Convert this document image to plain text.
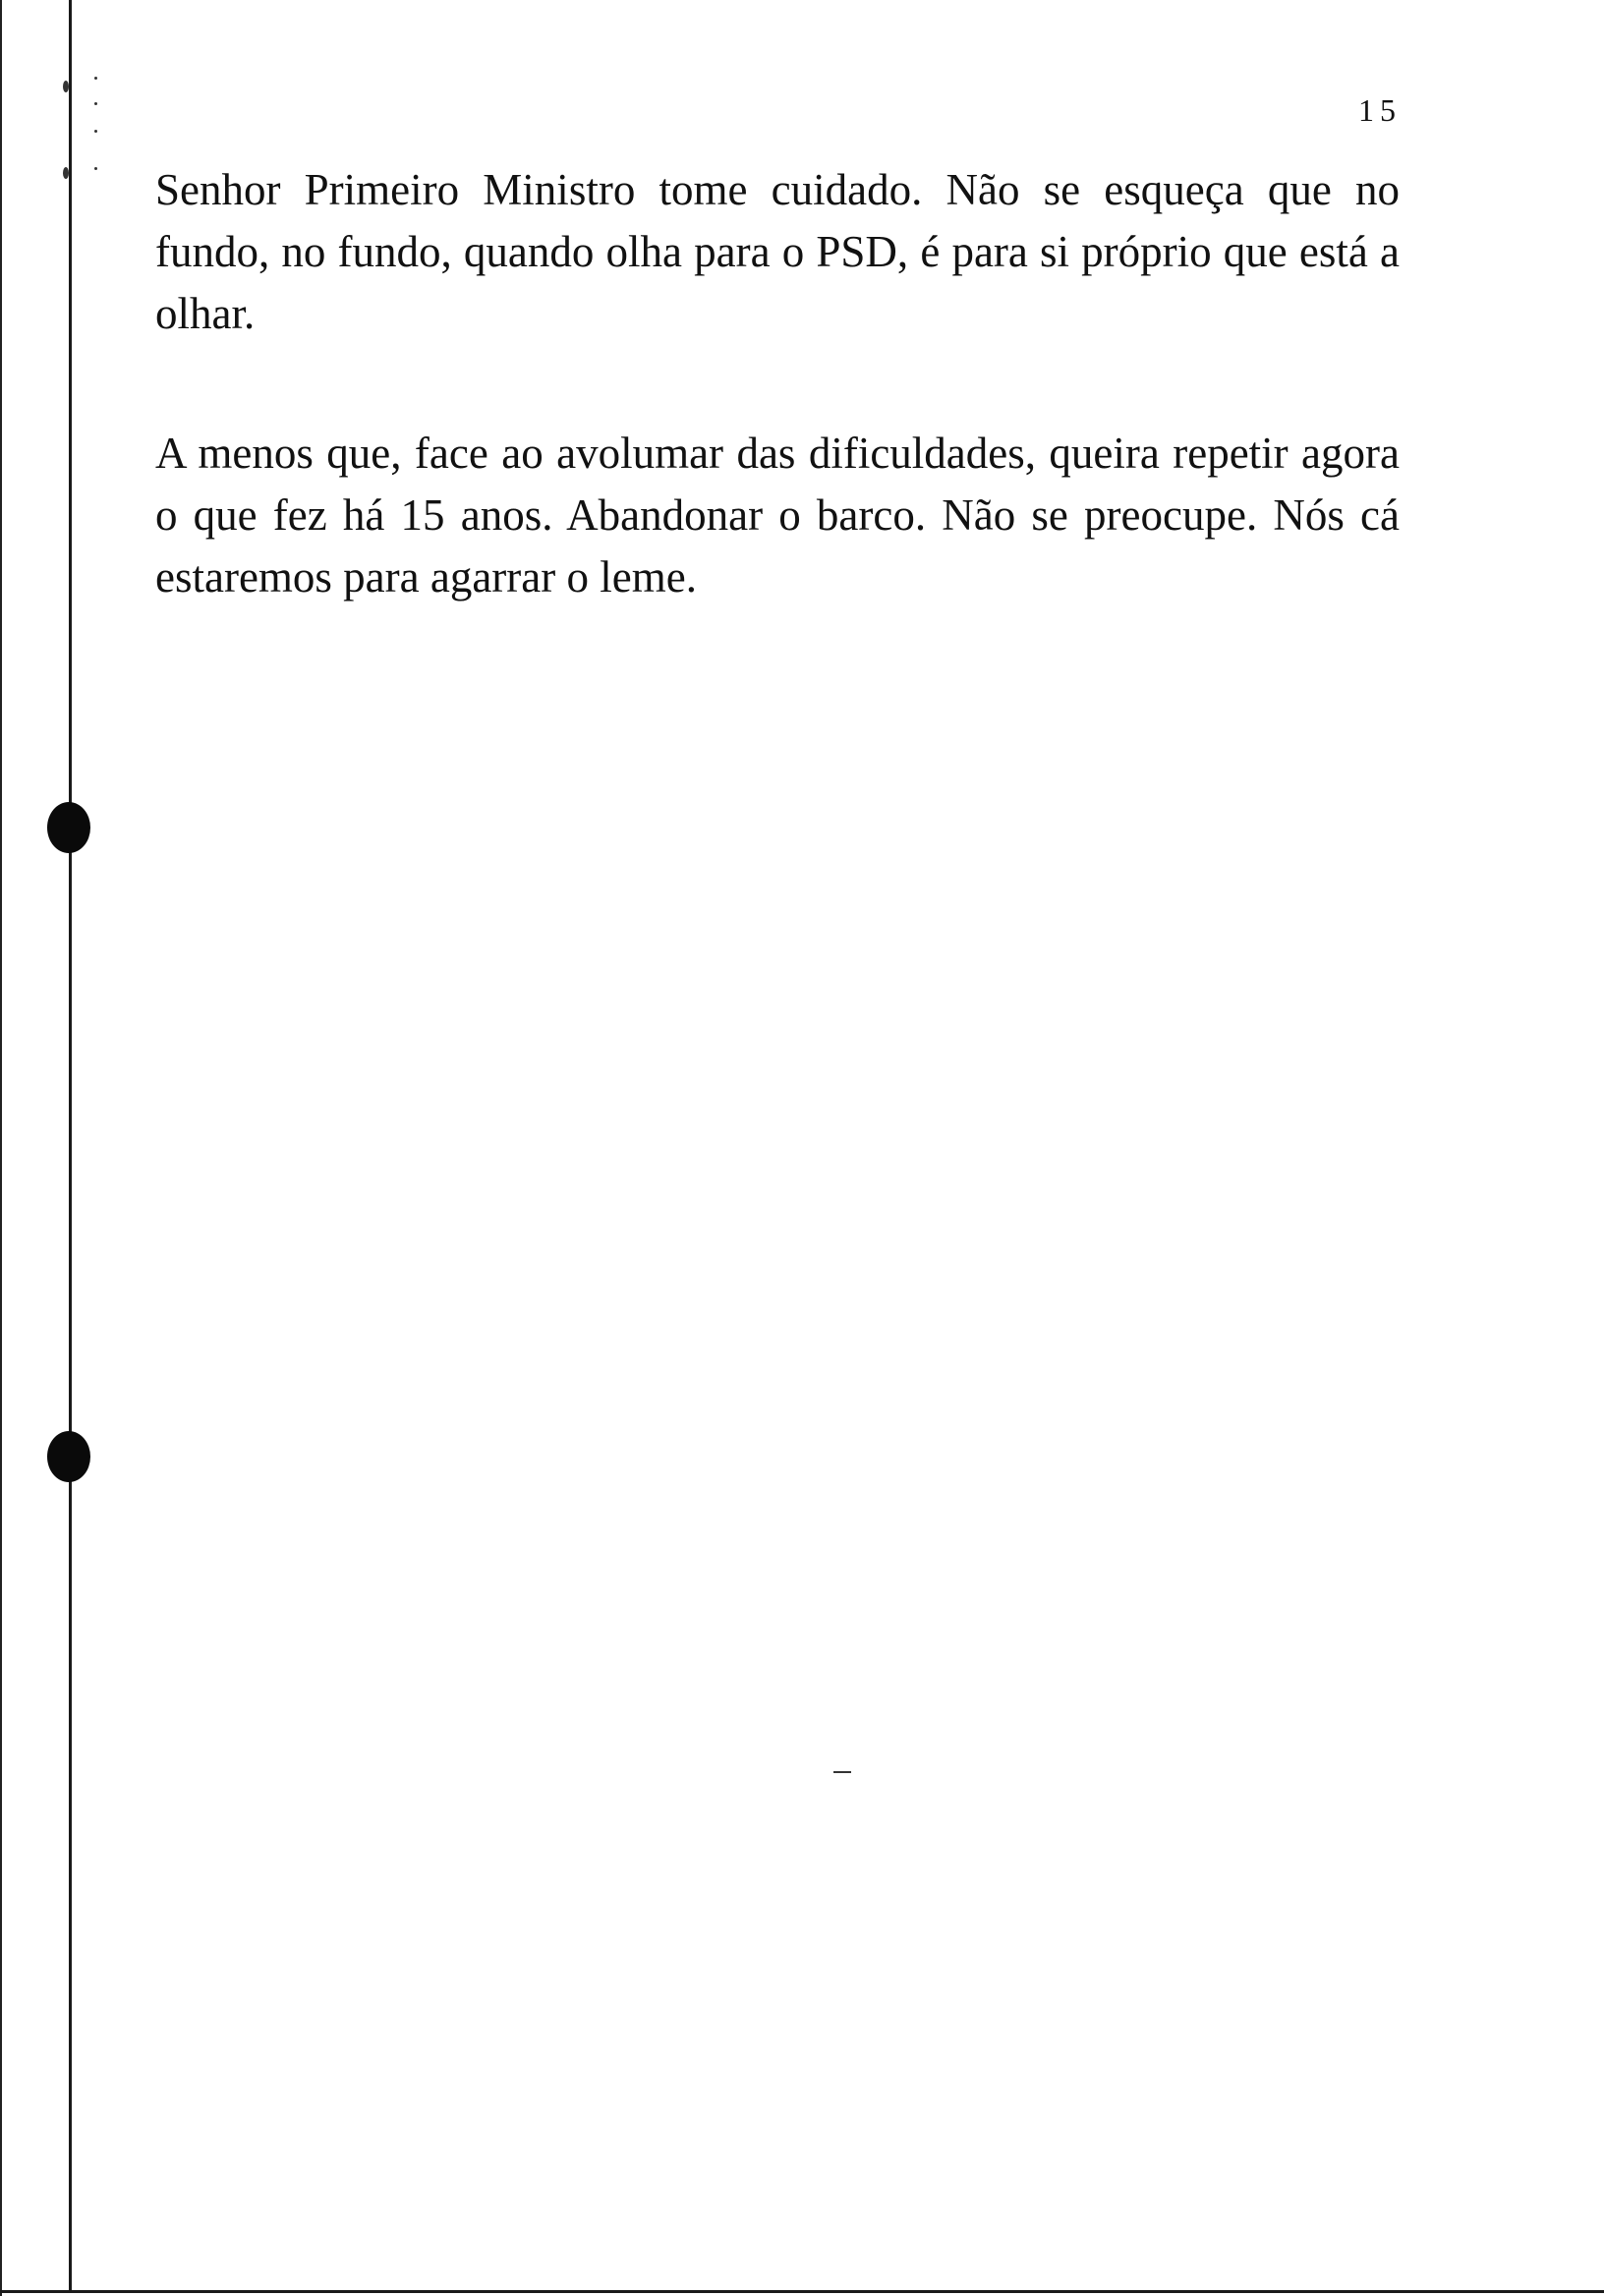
15

Senhor Primeiro Ministro tome cuidado. Não se esqueça que no fundo, no fundo, quando olha para o PSD, é para si próprio que está a olhar.

A menos que, face ao avolumar das dificuldades, queira repetir agora o que fez há 15 anos. Abandonar o barco. Não se preocupe. Nós cá estaremos para agarrar o leme.
